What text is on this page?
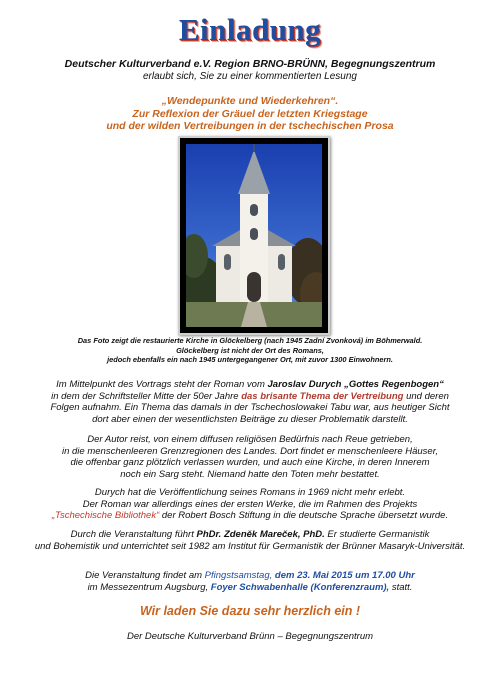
Einladung
Deutscher Kulturverband e.V. Region BRNO-BRÜNN, Begegnungszentrum
erlaubt sich, Sie zu einer kommentierten Lesung
„Wendepunkte und Wiederkehren“.
Zur Reflexion der Gräuel der letzten Kriegstage
und der wilden Vertreibungen in der tschechischen Prosa
Das Foto zeigt die restaurierte Kirche in Glöckelberg (nach 1945 Zadní Zvonková) im Böhmerwald.
Glöckelberg ist nicht der Ort des Romans,
jedoch ebenfalls ein nach 1945 untergegangener Ort, mit zuvor 1300 Einwohnern.
Im Mittelpunkt des Vortrags steht der Roman vom Jaroslav Durych „Gottes Regenbogen“
in dem der Schriftsteller Mitte der 50er Jahre das brisante Thema der Vertreibung und deren
Folgen aufnahm. Ein Thema das damals in der Tschechoslowakei Tabu war, aus heutiger Sicht
dort aber einen der wesentlichsten Beiträge zu dieser Problematik darstellt.
Der Autor reist, von einem diffusen religiösen Bedürfnis nach Reue getrieben,
in die menschenleeren Grenzregionen des Landes. Dort findet er menschenleere Häuser,
die offenbar ganz plötzlich verlassen wurden, und auch eine Kirche, in deren Innerem
noch ein Sarg steht. Niemand hatte den Toten mehr bestattet.
Durych hat die Veröffentlichung seines Romans in 1969 nicht mehr erlebt.
Der Roman war allerdings eines der ersten Werke, die im Rahmen des Projekts
„Tschechische Bibliothek“ der Robert Bosch Stiftung in die deutsche Sprache übersetzt wurde.
Durch die Veranstaltung führt PhDr. Zdeněk Mareček, PhD. Er studierte Germanistik
und Bohemistik und unterrichtet seit 1982 am Institut für Germanistik der Brünner Masaryk-Universität.
Die Veranstaltung findet am Pfingstsamstag, dem 23. Mai 2015 um 17.00 Uhr
im Messezentrum Augsburg, Foyer Schwabenhalle (Konferenzraum), statt.
Wir laden Sie dazu sehr herzlich ein !
Der Deutsche Kulturverband Brünn – Begegnungszentrum
